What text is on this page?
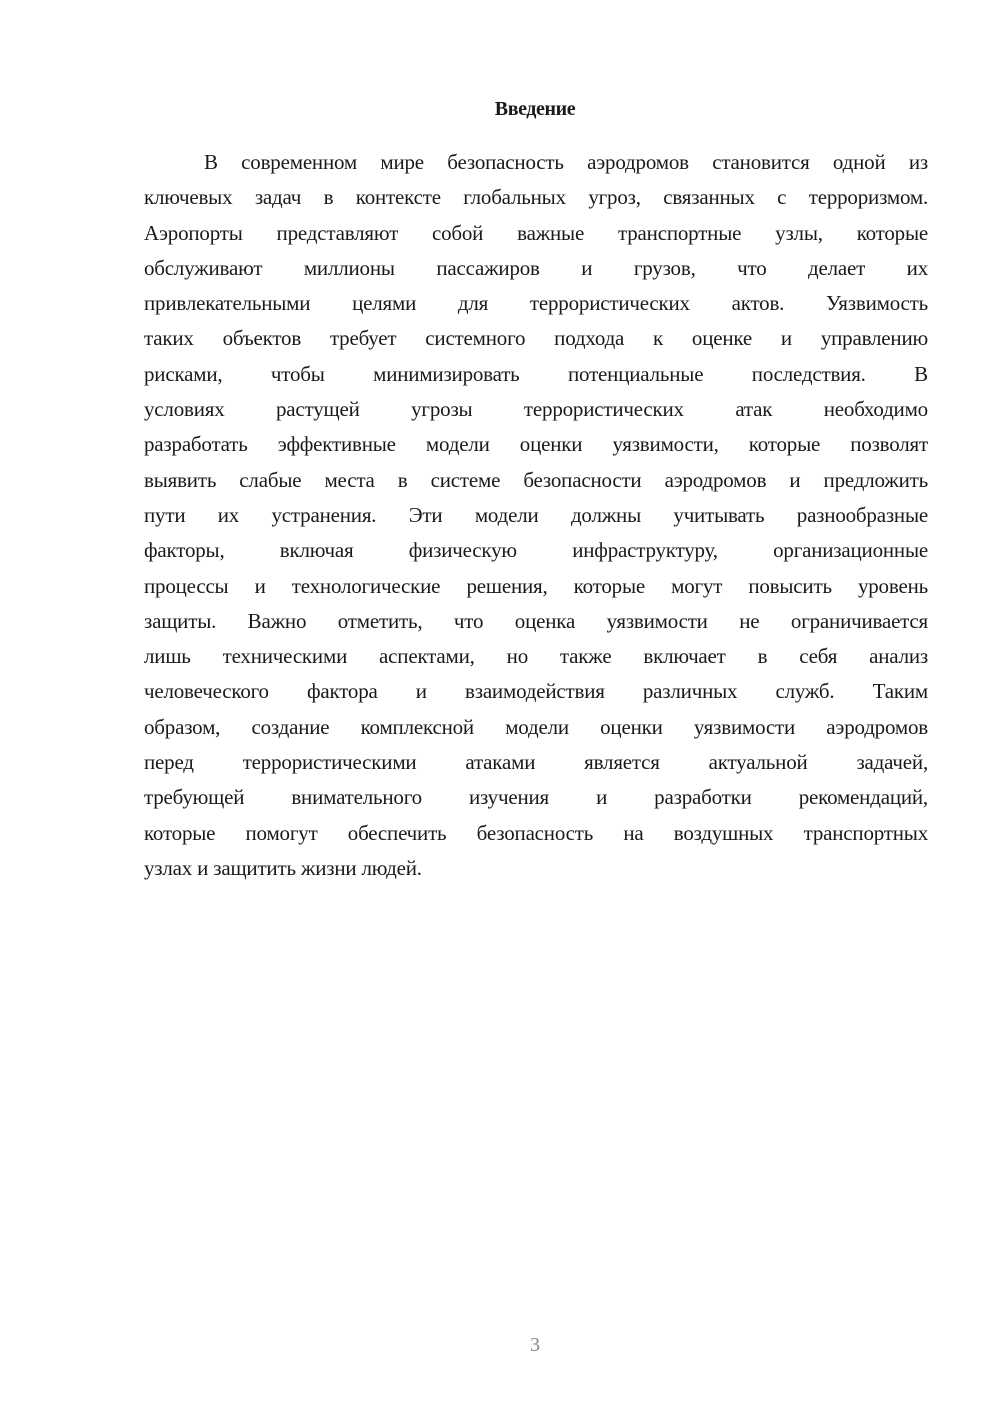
Введение
В современном мире безопасность аэродромов становится одной из
ключевых задач в контексте глобальных угроз, связанных с терроризмом.
Аэропорты представляют собой важные транспортные узлы, которые
обслуживают миллионы пассажиров и грузов, что делает их
привлекательными целями для террористических актов. Уязвимость
таких объектов требует системного подхода к оценке и управлению
рисками, чтобы минимизировать потенциальные последствия. В
условиях растущей угрозы террористических атак необходимо
разработать эффективные модели оценки уязвимости, которые позволят
выявить слабые места в системе безопасности аэродромов и предложить
пути их устранения. Эти модели должны учитывать разнообразные
факторы, включая физическую инфраструктуру, организационные
процессы и технологические решения, которые могут повысить уровень
защиты. Важно отметить, что оценка уязвимости не ограничивается
лишь техническими аспектами, но также включает в себя анализ
человеческого фактора и взаимодействия различных служб. Таким
образом, создание комплексной модели оценки уязвимости аэродромов
перед террористическими атаками является актуальной задачей,
требующей внимательного изучения и разработки рекомендаций,
которые помогут обеспечить безопасность на воздушных транспортных
узлах и защитить жизни людей.
3
